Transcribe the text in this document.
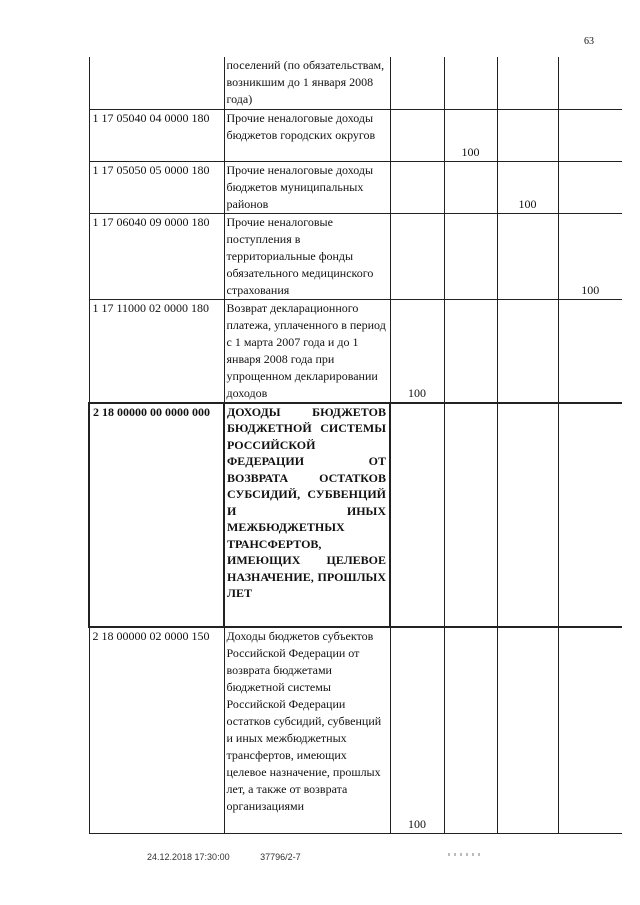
63
	поселений (по обязательствам, возникшим до 1 января 2008 года)				
1 17 05040 04 0000 180	Прочие неналоговые доходы бюджетов городских округов		100		
1 17 05050 05 0000 180	Прочие неналоговые доходы бюджетов муниципальных районов			100	
1 17 06040 09 0000 180	Прочие неналоговые поступления в территориальные фонды обязательного медицинского страхования				100
1 17 11000 02 0000 180	Возврат декларационного платежа, уплаченного в период с 1 марта 2007 года и до 1 января 2008 года при упрощенном декларировании доходов	100			
2 18 00000 00 0000 000	ДОХОДЫ БЮДЖЕТОВ БЮДЖЕТНОЙ СИСТЕМЫ РОССИЙСКОЙ ФЕДЕРАЦИИ ОТ ВОЗВРАТА ОСТАТКОВ СУБСИДИЙ, СУБВЕНЦИЙ И ИНЫХ МЕЖБЮДЖЕТНЫХ ТРАНСФЕРТОВ, ИМЕЮЩИХ ЦЕЛЕВОЕ НАЗНАЧЕНИЕ, ПРОШЛЫХ ЛЕТ				
2 18 00000 02 0000 150	Доходы бюджетов субъектов Российской Федерации от возврата бюджетами бюджетной системы Российской Федерации остатков субсидий, субвенций и иных межбюджетных трансфертов, имеющих целевое назначение, прошлых лет, а также от возврата организациями	100			
24.12.2018 17:30:00	37796/2-7
